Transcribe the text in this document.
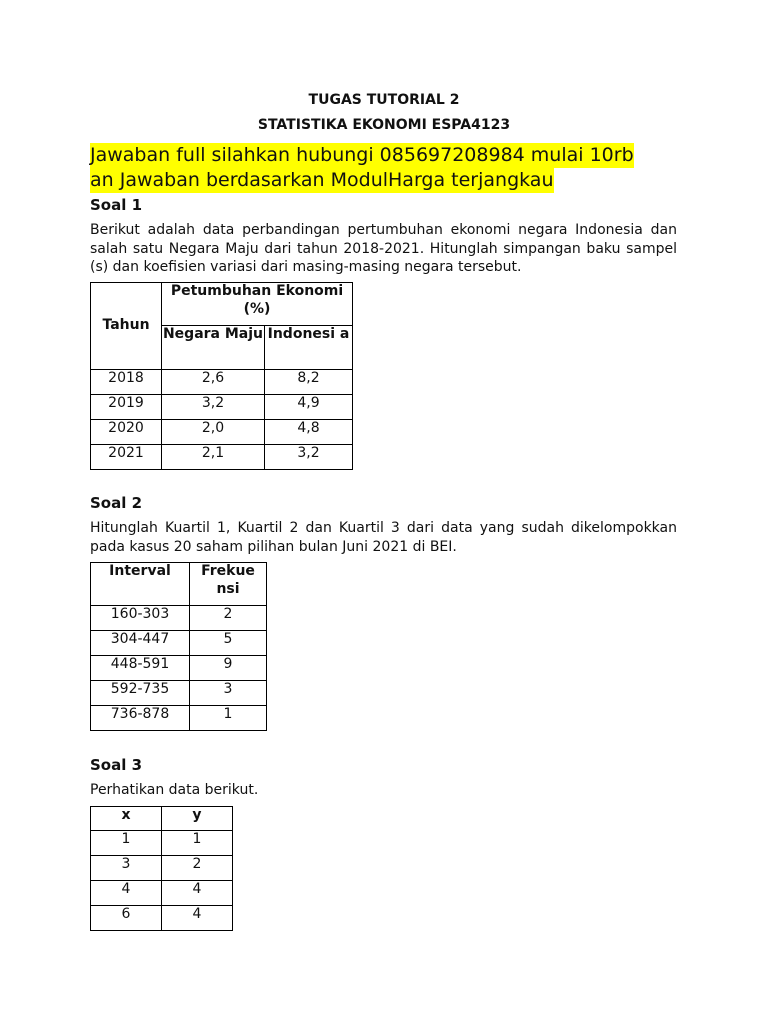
TUGAS TUTORIAL 2
STATISTIKA EKONOMI ESPA4123
Jawaban full silahkan hubungi 085697208984 mulai 10rb
an Jawaban berdasarkan ModulHarga terjangkau
Soal 1
Berikut adalah data perbandingan pertumbuhan ekonomi negara Indonesia dan salah satu Negara Maju dari tahun 2018-2021. Hitunglah simpangan baku sampel (s) dan koefisien variasi dari masing-masing negara tersebut.
Tahun	Petumbuhan Ekonomi (%)	
	Negara Maju	Indonesi a
2018	2,6	8,2
2019	3,2	4,9
2020	2,0	4,8
2021	2,1	3,2
Soal 2
Hitunglah Kuartil 1, Kuartil 2 dan Kuartil 3 dari data yang sudah dikelompokkan pada kasus 20 saham pilihan bulan Juni 2021 di BEI.
Interval	Frekue nsi
160-303	2
304-447	5
448-591	9
592-735	3
736-878	1
Soal 3
Perhatikan data berikut.
x	y
1	1
3	2
4	4
6	4
